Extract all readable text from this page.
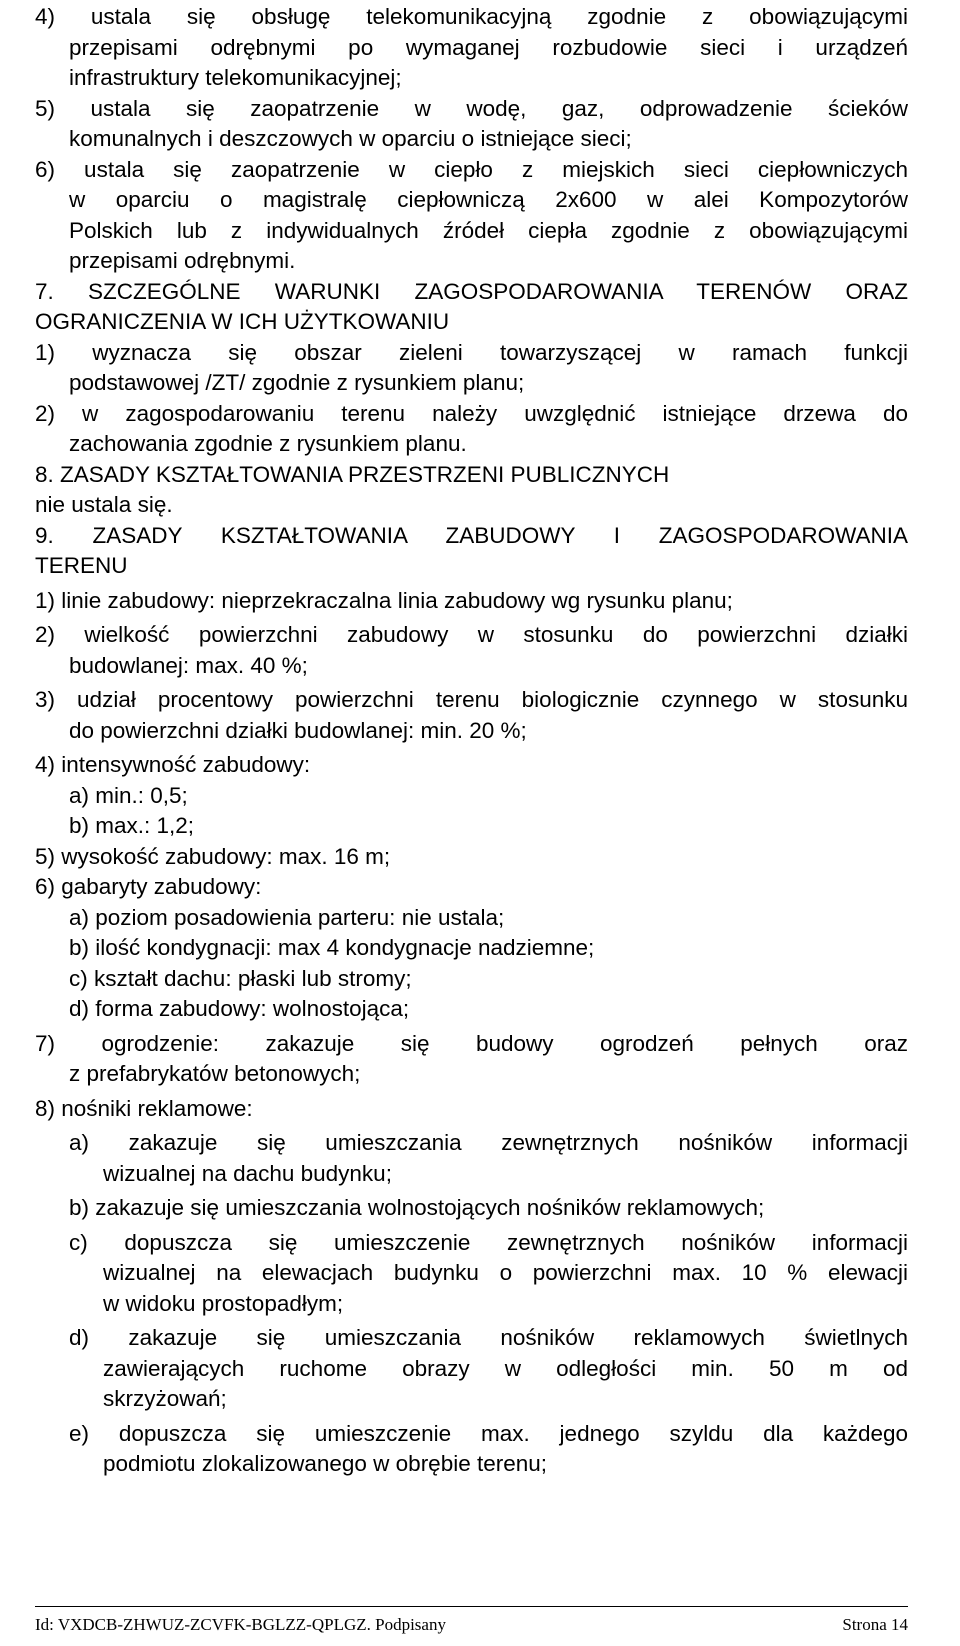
4) ustala się obsługę telekomunikacyjną zgodnie z obowiązującymi
przepisami odrębnymi po wymaganej rozbudowie sieci i urządzeń
infrastruktury telekomunikacyjnej;
5) ustala się zaopatrzenie w wodę, gaz, odprowadzenie ścieków
komunalnych i deszczowych w oparciu o istniejące sieci;
6) ustala się zaopatrzenie w ciepło z miejskich sieci ciepłowniczych
w oparciu o magistralę ciepłowniczą 2x600 w alei Kompozytorów
Polskich lub z indywidualnych źródeł ciepła zgodnie z obowiązującymi
przepisami odrębnymi.
7. SZCZEGÓLNE WARUNKI ZAGOSPODAROWANIA TERENÓW ORAZ
OGRANICZENIA W ICH UŻYTKOWANIU
1) wyznacza się obszar zieleni towarzyszącej w ramach funkcji
podstawowej /ZT/ zgodnie z rysunkiem planu;
2) w zagospodarowaniu terenu należy uwzględnić istniejące drzewa do
zachowania zgodnie z rysunkiem planu.
8. ZASADY KSZTAŁTOWANIA PRZESTRZENI PUBLICZNYCH
nie ustala się.
9. ZASADY KSZTAŁTOWANIA ZABUDOWY I ZAGOSPODAROWANIA
TERENU
1) linie zabudowy: nieprzekraczalna linia zabudowy wg rysunku planu;
2) wielkość powierzchni zabudowy w stosunku do powierzchni działki
budowlanej: max. 40 %;
3) udział procentowy powierzchni terenu biologicznie czynnego w stosunku
do powierzchni działki budowlanej: min. 20 %;
4) intensywność zabudowy:
a) min.: 0,5;
b) max.: 1,2;
5) wysokość zabudowy: max. 16 m;
6) gabaryty zabudowy:
a) poziom posadowienia parteru: nie ustala;
b) ilość kondygnacji: max 4 kondygnacje nadziemne;
c) kształt dachu: płaski lub stromy;
d) forma zabudowy: wolnostojąca;
7) ogrodzenie: zakazuje się budowy ogrodzeń pełnych oraz
z prefabrykatów betonowych;
8) nośniki reklamowe:
a) zakazuje się umieszczania zewnętrznych nośników informacji
wizualnej na dachu budynku;
b) zakazuje się umieszczania wolnostojących nośników reklamowych;
c) dopuszcza się umieszczenie zewnętrznych nośników informacji
wizualnej na elewacjach budynku o powierzchni max. 10 % elewacji
w widoku prostopadłym;
d) zakazuje się umieszczania nośników reklamowych świetlnych
zawierających ruchome obrazy w odległości min. 50 m od
skrzyżowań;
e) dopuszcza się umieszczenie max. jednego szyldu dla każdego
podmiotu zlokalizowanego w obrębie terenu;
Id: VXDCB-ZHWUZ-ZCVFK-BGLZZ-QPLGZ. Podpisany	Strona 14
